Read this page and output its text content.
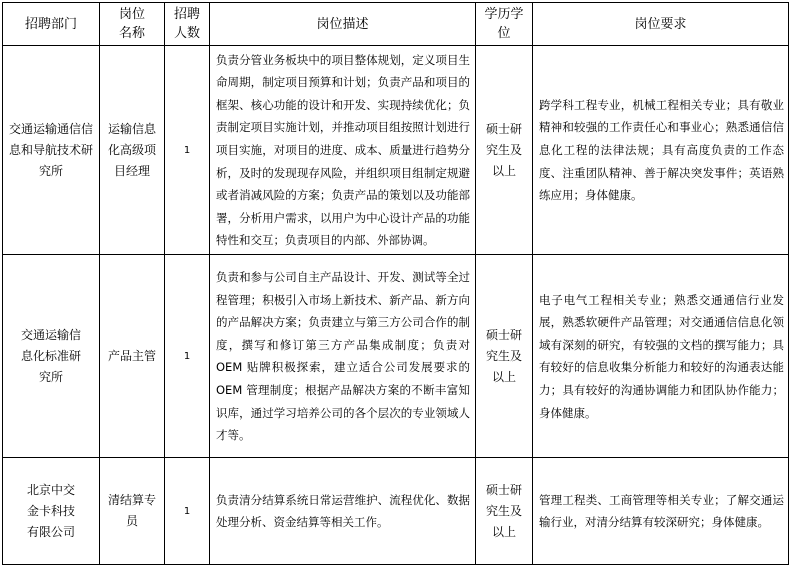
招聘部门	岗位名称	招聘人数	岗位描述	学历学位	岗位要求
交通运输通信信息和导航技术研究所	运输信息化高级项目经理	1	负责分管业务板块中的项目整体规划，定义项目生命周期，制定项目预算和计划；负责产品和项目的框架、核心功能的设计和开发、实现持续优化；负责制定项目实施计划，并推动项目组按照计划进行项目实施，对项目的进度、成本、质量进行趋势分析，及时的发现现存风险，并组织项目组制定规避或者消减风险的方案；负责产品的策划以及功能部署，分析用户需求，以用户为中心设计产品的功能特性和交互；负责项目的内部、外部协调。	硕士研究生及以上	跨学科工程专业，机械工程相关专业；具有敬业精神和较强的工作责任心和事业心；熟悉通信信息化工程的法律法规；具有高度负责的工作态度、注重团队精神、善于解决突发事件；英语熟练应用；身体健康。
交通运输信息化标准研究所	产品主管	1	负责和参与公司自主产品设计、开发、测试等全过程管理；积极引入市场上新技术、新产品、新方向的产品解决方案；负责建立与第三方公司合作的制度，撰写和修订第三方产品集成制度；负责对 OEM 贴牌积极探索，建立适合公司发展要求的 OEM 管理制度；根据产品解决方案的不断丰富知识库，通过学习培养公司的各个层次的专业领域人才等。	硕士研究生及以上	电子电气工程相关专业；熟悉交通通信行业发展，熟悉软硬件产品管理；对交通通信信息化领域有深刻的研究，有较强的文档的撰写能力；具有较好的信息收集分析能力和较好的沟通表达能力；具有较好的沟通协调能力和团队协作能力；身体健康。
北京中交金卡科技有限公司	清结算专员	1	负责清分结算系统日常运营维护、流程优化、数据处理分析、资金结算等相关工作。	硕士研究生及以上	管理工程类、工商管理等相关专业；了解交通运输行业，对清分结算有较深研究；身体健康。
